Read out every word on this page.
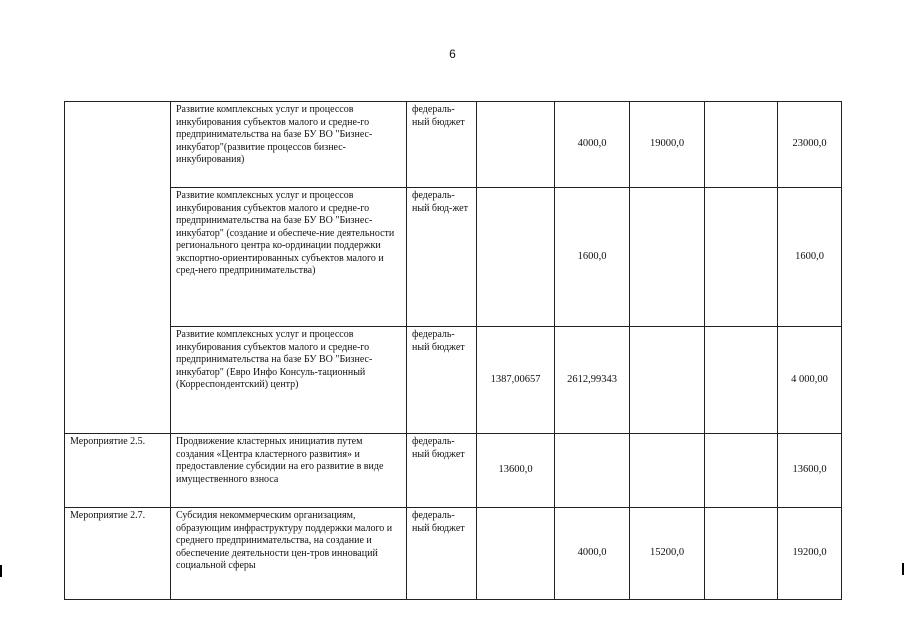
6

	Развитие комплексных услуг и процессов инкубирования субъектов малого и средне-го предпринимательства на базе БУ ВО "Бизнес-инкубатор"(развитие процессов бизнес-инкубирования)	федераль-ный бюджет		4000,0	19000,0		23000,0

	Развитие комплексных услуг и процессов инкубирования субъектов малого и средне-го предпринимательства на базе БУ ВО "Бизнес-инкубатор" (создание и обеспече-ние деятельности регионального центра ко-ординации поддержки экспортно-ориентированных субъектов малого и сред-него предпринимательства)	федераль-ный бюд-жет		1600,0			1600,0

	Развитие комплексных услуг и процессов инкубирования субъектов малого и средне-го предпринимательства на базе БУ ВО "Бизнес-инкубатор" (Евро Инфо Консуль-тационный (Корреспондентский) центр)	федераль-ный бюджет	1387,00657	2612,99343			4 000,00

Мероприятие 2.5.	Продвижение кластерных инициатив путем создания «Центра кластерного развития» и предоставление субсидии на его развитие в виде имущественного взноса	федераль-ный бюджет	13600,0				13600,0

Мероприятие 2.7.	Субсидия некоммерческим организациям, образующим инфраструктуру поддержки малого и среднего предпринимательства, на создание и обеспечение деятельности цен-тров инноваций социальной сферы	федераль-ный бюджет		4000,0	15200,0		19200,0
